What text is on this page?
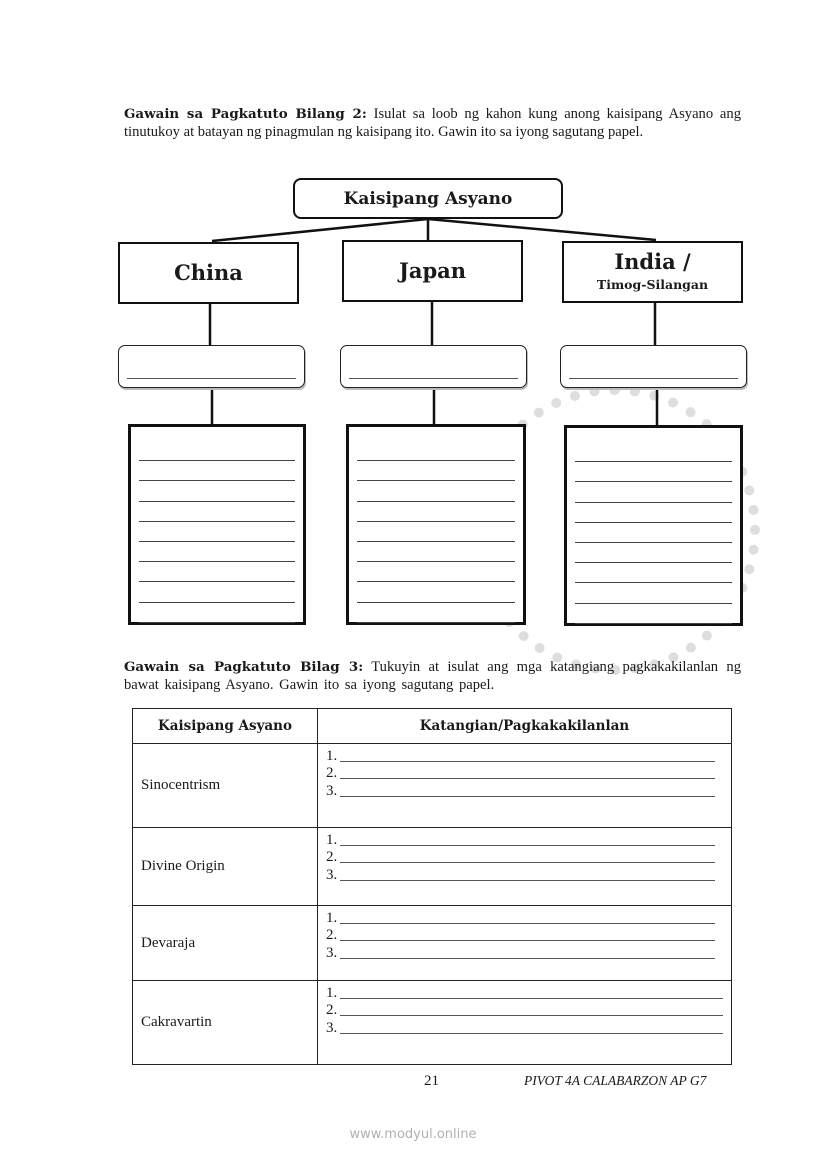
Gawain sa Pagkatuto Bilang 2: Isulat sa loob ng kahon kung anong kaisipang Asyano ang tinutukoy at batayan ng pinagmulan ng kaisipang ito. Gawin ito sa iyong sagutang papel.

Kaisipang Asyano
China	Japan	India /
Timog-Silangan

Gawain sa Pagkatuto Bilag 3: Tukuyin at isulat ang mga katangiang pagkakakilanlan ng bawat kaisipang Asyano. Gawin ito sa iyong sagutang papel.

Kaisipang Asyano	Katangian/Pagkakakilanlan
Sinocentrism	1.
2.
3.

Divine Origin	1.
2.
3.

Devaraja	1.
2.
3.

Cakravartin	1.
2.
3.
21	PIVOT 4A CALABARZON AP G7
www.modyul.online
